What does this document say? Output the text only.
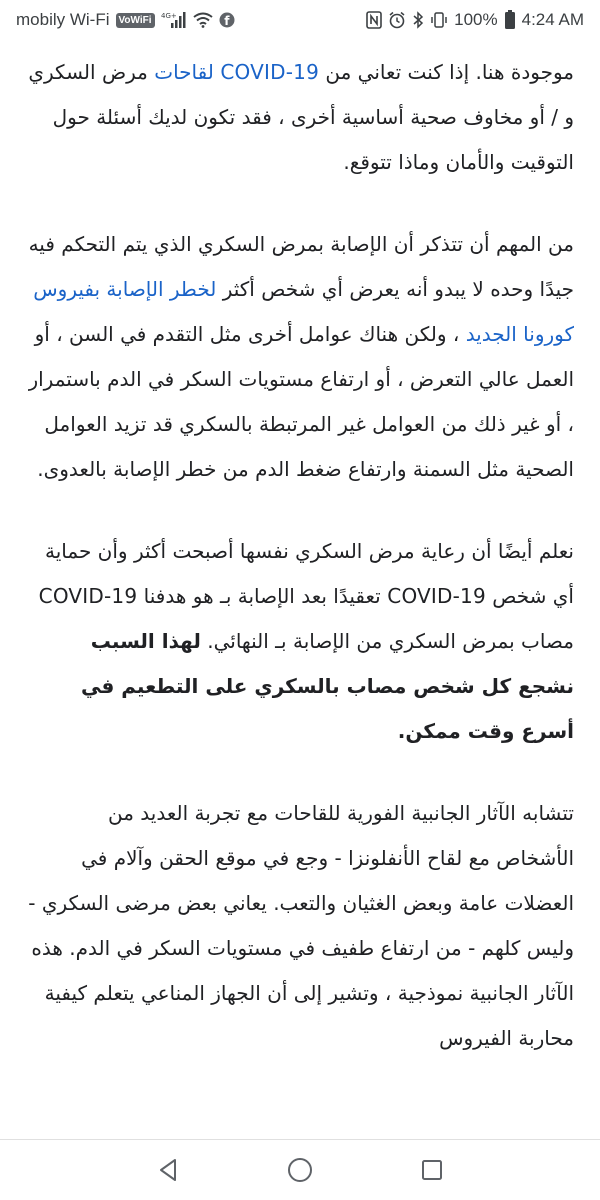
mobily Wi-Fi VoWiFi	4G+	f	100% 4:24 AM

موجودة هنا. إذا كنت تعاني من COVID-19 لقاحات مرض السكري و / أو مخاوف صحية أساسية أخرى ، فقد تكون لديك أسئلة حول التوقيت والأمان وماذا تتوقع.

من المهم أن تتذكر أن الإصابة بمرض السكري الذي يتم التحكم فيه جيدًا وحده لا يبدو أنه يعرض أي شخص أكثر لخطر الإصابة بفيروس كورونا الجديد ، ولكن هناك عوامل أخرى مثل التقدم في السن ، أو العمل عالي التعرض ، أو ارتفاع مستويات السكر في الدم باستمرار ، أو غير ذلك من العوامل غير المرتبطة بالسكري قد تزيد العوامل الصحية مثل السمنة وارتفاع ضغط الدم من خطر الإصابة بالعدوى.

نعلم أيضًا أن رعاية مرض السكري نفسها أصبحت أكثر وأن حماية أي شخص COVID-19 تعقيدًا بعد الإصابة بـ هو هدفنا COVID-19 مصاب بمرض السكري من الإصابة بـ النهائي. لهذا السبب نشجع كل شخص مصاب بالسكري على التطعيم في أسرع وقت ممكن.

تتشابه الآثار الجانبية الفورية للقاحات مع تجربة العديد من الأشخاص مع لقاح الأنفلونزا - وجع في موقع الحقن وآلام في العضلات عامة وبعض الغثيان والتعب. يعاني بعض مرضى السكري - وليس كلهم - من ارتفاع طفيف في مستويات السكر في الدم. هذه الآثار الجانبية نموذجية ، وتشير إلى أن الجهاز المناعي يتعلم كيفية محاربة الفيروس
